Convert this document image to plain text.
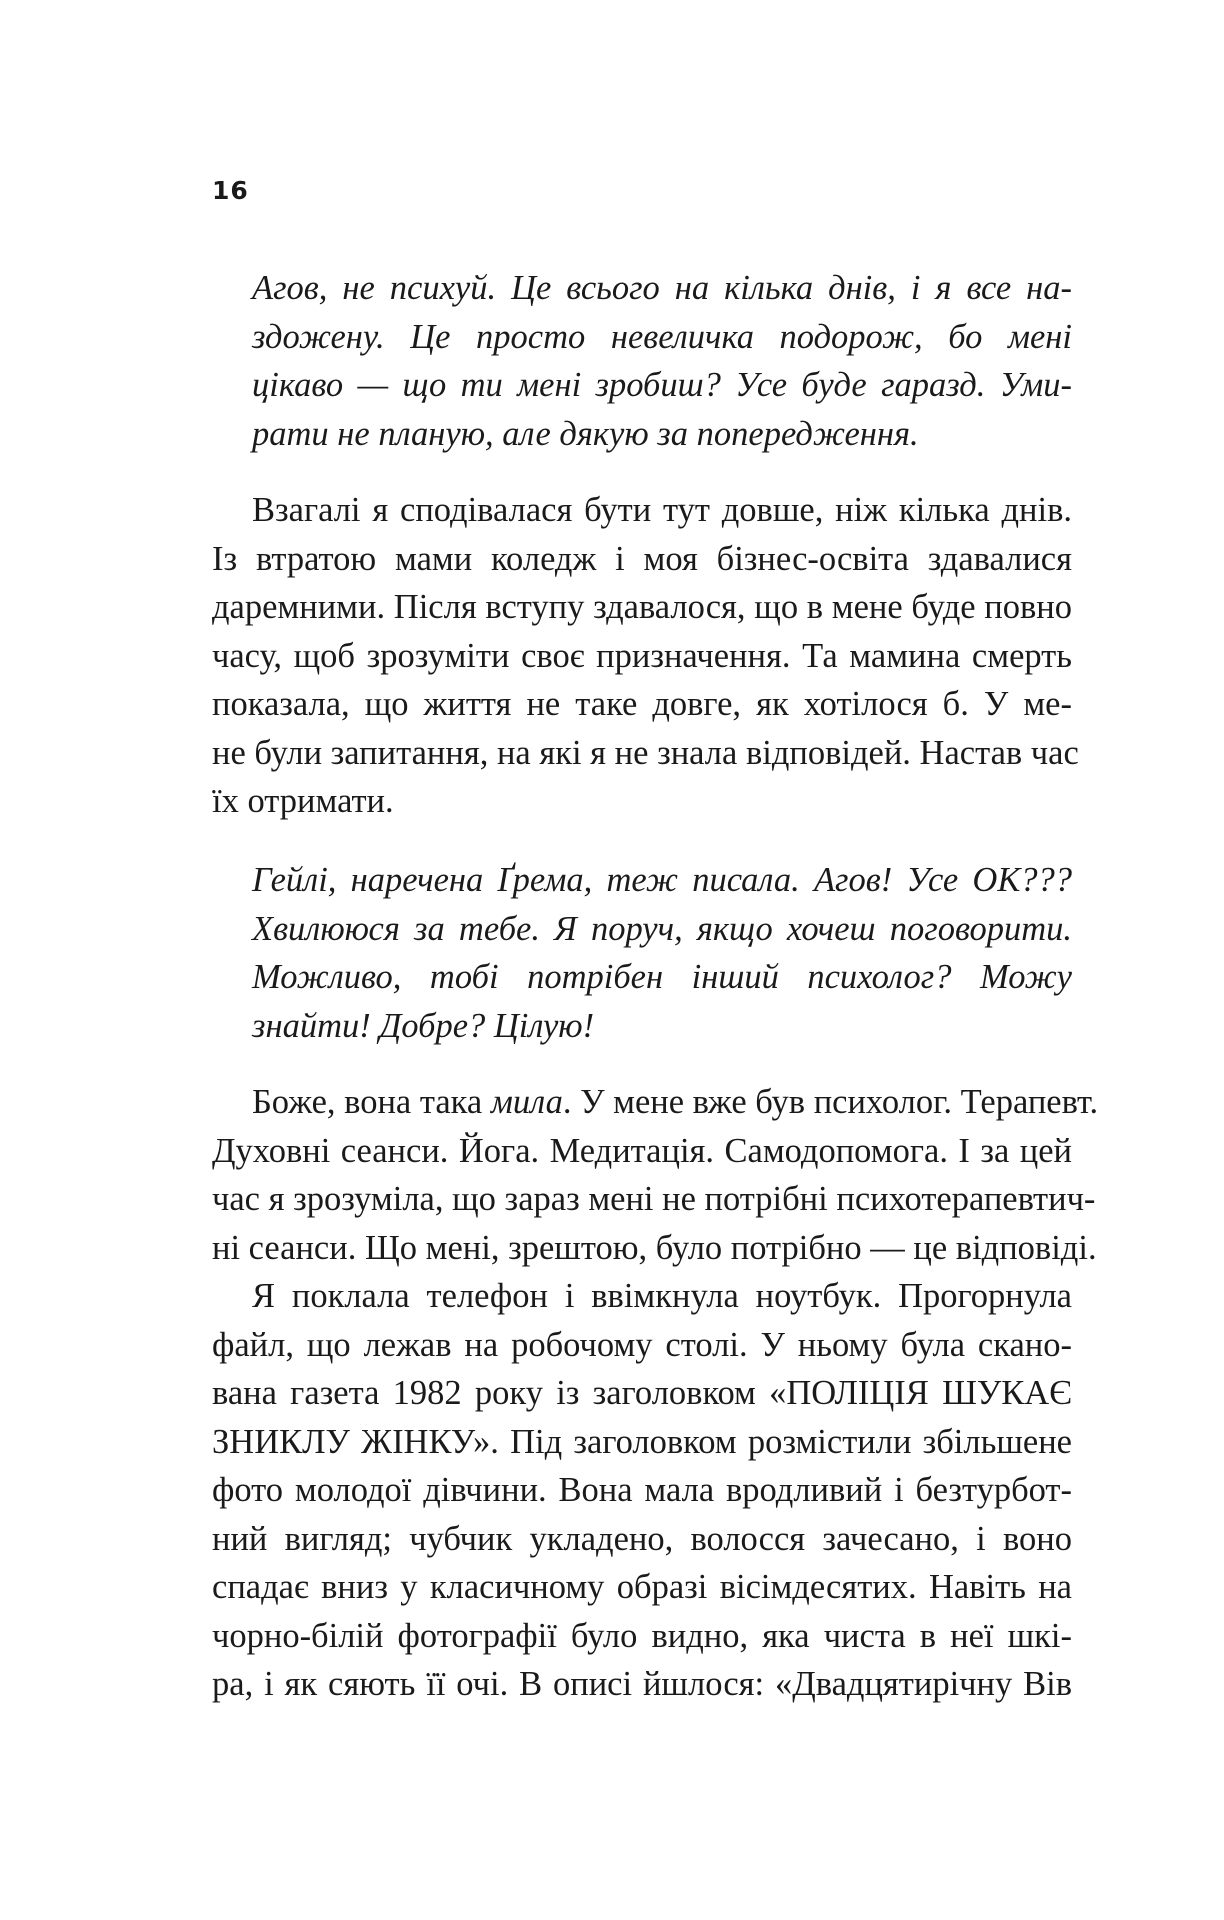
16
Агов, не психуй. Це всього на кілька днів, і я все на-
здожену. Це просто невеличка подорож, бо мені
цікаво — що ти мені зробиш? Усе буде гаразд. Уми-
рати не планую, але дякую за попередження.
Взагалі я сподівалася бути тут довше, ніж кілька днів.
Із втратою мами коледж і моя бізнес-освіта здавалися
даремними. Після вступу здавалося, що в мене буде повно
часу, щоб зрозуміти своє призначення. Та мамина смерть
показала, що життя не таке довге, як хотілося б. У ме-
не були запитання, на які я не знала відповідей. Настав час
їх отримати.
Гейлі, наречена Ґрема, теж писала. Агов! Усе ОК???
Хвилююся за тебе. Я поруч, якщо хочеш поговорити.
Можливо, тобі потрібен інший психолог? Можу
знайти! Добре? Цілую!
Боже, вона така мила. У мене вже був психолог. Терапевт.
Духовні сеанси. Йога. Медитація. Самодопомога. І за цей
час я зрозуміла, що зараз мені не потрібні психотерапевтич-
ні сеанси. Що мені, зрештою, було потрібно — це відповіді.
Я поклала телефон і ввімкнула ноутбук. Прогорнула
файл, що лежав на робочому столі. У ньому була скано-
вана газета 1982 року із заголовком «ПОЛІЦІЯ ШУКАЄ
ЗНИКЛУ ЖІНКУ». Під заголовком розмістили збільшене
фото молодої дівчини. Вона мала вродливий і безтурбот-
ний вигляд; чубчик укладено, волосся зачесано, і воно
спадає вниз у класичному образі вісімдесятих. Навіть на
чорно-білій фотографії було видно, яка чиста в неї шкі-
ра, і як сяють її очі. В описі йшлося: «Двадцятирічну Вів
